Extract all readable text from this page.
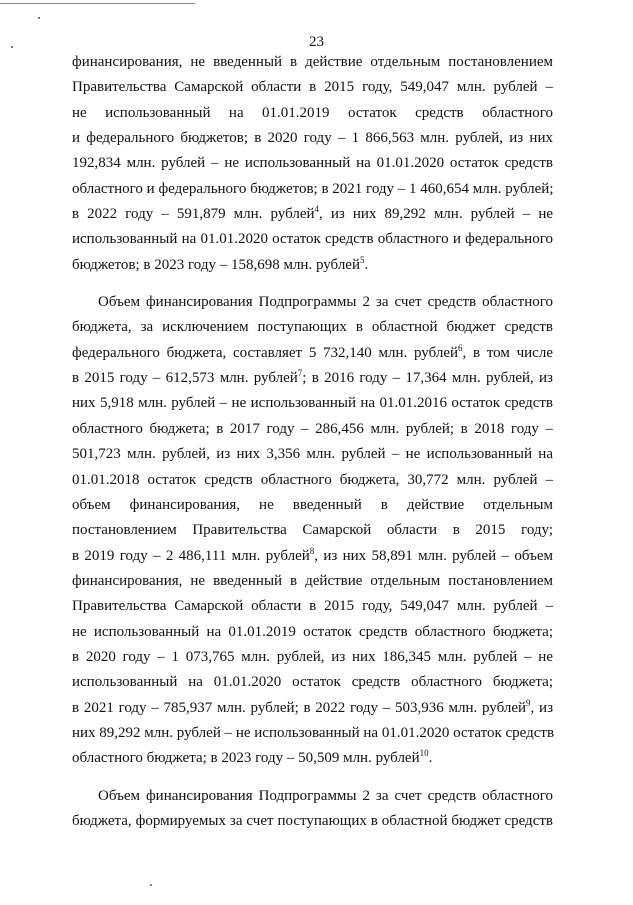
23
финансирования, не введенный в действие отдельным постановлением
Правительства Самарской области в 2015 году, 549,047 млн. рублей –
не использованный на 01.01.2019 остаток средств областного
и федерального бюджетов; в 2020 году – 1 866,563 млн. рублей, из них
192,834 млн. рублей – не использованный на 01.01.2020 остаток средств
областного и федерального бюджетов; в 2021 году – 1 460,654 млн. рублей;
в 2022 году – 591,879 млн. рублей$^4$, из них 89,292 млн. рублей – не
использованный на 01.01.2020 остаток средств областного и федерального
бюджетов; в 2023 году – 158,698 млн. рублей$^5$.
Объем финансирования Подпрограммы 2 за счет средств областного
бюджета, за исключением поступающих в областной бюджет средств
федерального бюджета, составляет 5 732,140 млн. рублей$^6$, в том числе
в 2015 году – 612,573 млн. рублей$^7$; в 2016 году – 17,364 млн. рублей, из
них 5,918 млн. рублей – не использованный на 01.01.2016 остаток средств
областного бюджета; в 2017 году – 286,456 млн. рублей; в 2018 году –
501,723 млн. рублей, из них 3,356 млн. рублей – не использованный на
01.01.2018 остаток средств областного бюджета, 30,772 млн. рублей –
объем финансирования, не введенный в действие отдельным
постановлением Правительства Самарской области в 2015 году;
в 2019 году – 2 486,111 млн. рублей$^8$, из них 58,891 млн. рублей – объем
финансирования, не введенный в действие отдельным постановлением
Правительства Самарской области в 2015 году, 549,047 млн. рублей –
не использованный на 01.01.2019 остаток средств областного бюджета;
в 2020 году – 1 073,765 млн. рублей, из них 186,345 млн. рублей – не
использованный на 01.01.2020 остаток средств областного бюджета;
в 2021 году – 785,937 млн. рублей; в 2022 году – 503,936 млн. рублей$^9$, из
них 89,292 млн. рублей – не использованный на 01.01.2020 остаток средств
областного бюджета; в 2023 году – 50,509 млн. рублей$^{10}$.
Объем финансирования Подпрограммы 2 за счет средств областного
бюджета, формируемых за счет поступающих в областной бюджет средств
